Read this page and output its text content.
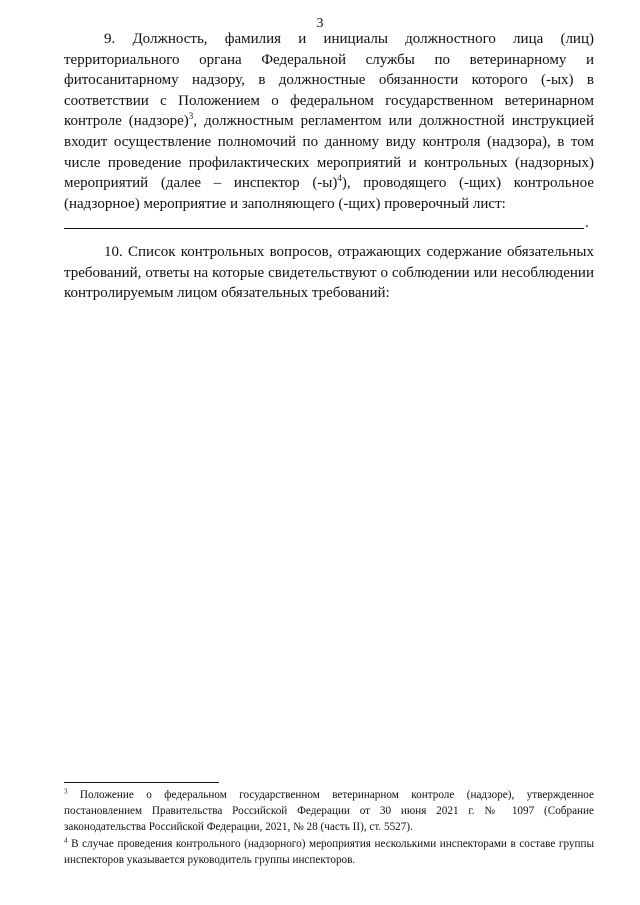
3

9. Должность, фамилия и инициалы должностного лица (лиц) территориального органа Федеральной службы по ветеринарному и фитосанитарному надзору, в должностные обязанности которого (-ых) в соответствии с Положением о федеральном государственном ветеринарном контроле (надзоре)$^3$, должностным регламентом или должностной инструкцией входит осуществление полномочий по данному виду контроля (надзора), в том числе проведение профилактических мероприятий и контрольных (надзорных) мероприятий (далее – инспектор $(-ы)^4$), проводящего (-щих) контрольное (надзорное) мероприятие и заполняющего (-щих) проверочный лист:

.

10. Список контрольных вопросов, отражающих содержание обязательных требований, ответы на которые свидетельствуют о соблюдении или несоблюдении контролируемым лицом обязательных требований:

$^3$ Положение о федеральном государственном ветеринарном контроле (надзоре), утвержденное постановлением Правительства Российской Федерации от 30 июня 2021 г. № 1097 (Собрание законодательства Российской Федерации, 2021, № 28 (часть II), ст. 5527).
$^4$ В случае проведения контрольного (надзорного) мероприятия несколькими инспекторами в составе группы инспекторов указывается руководитель группы инспекторов.
